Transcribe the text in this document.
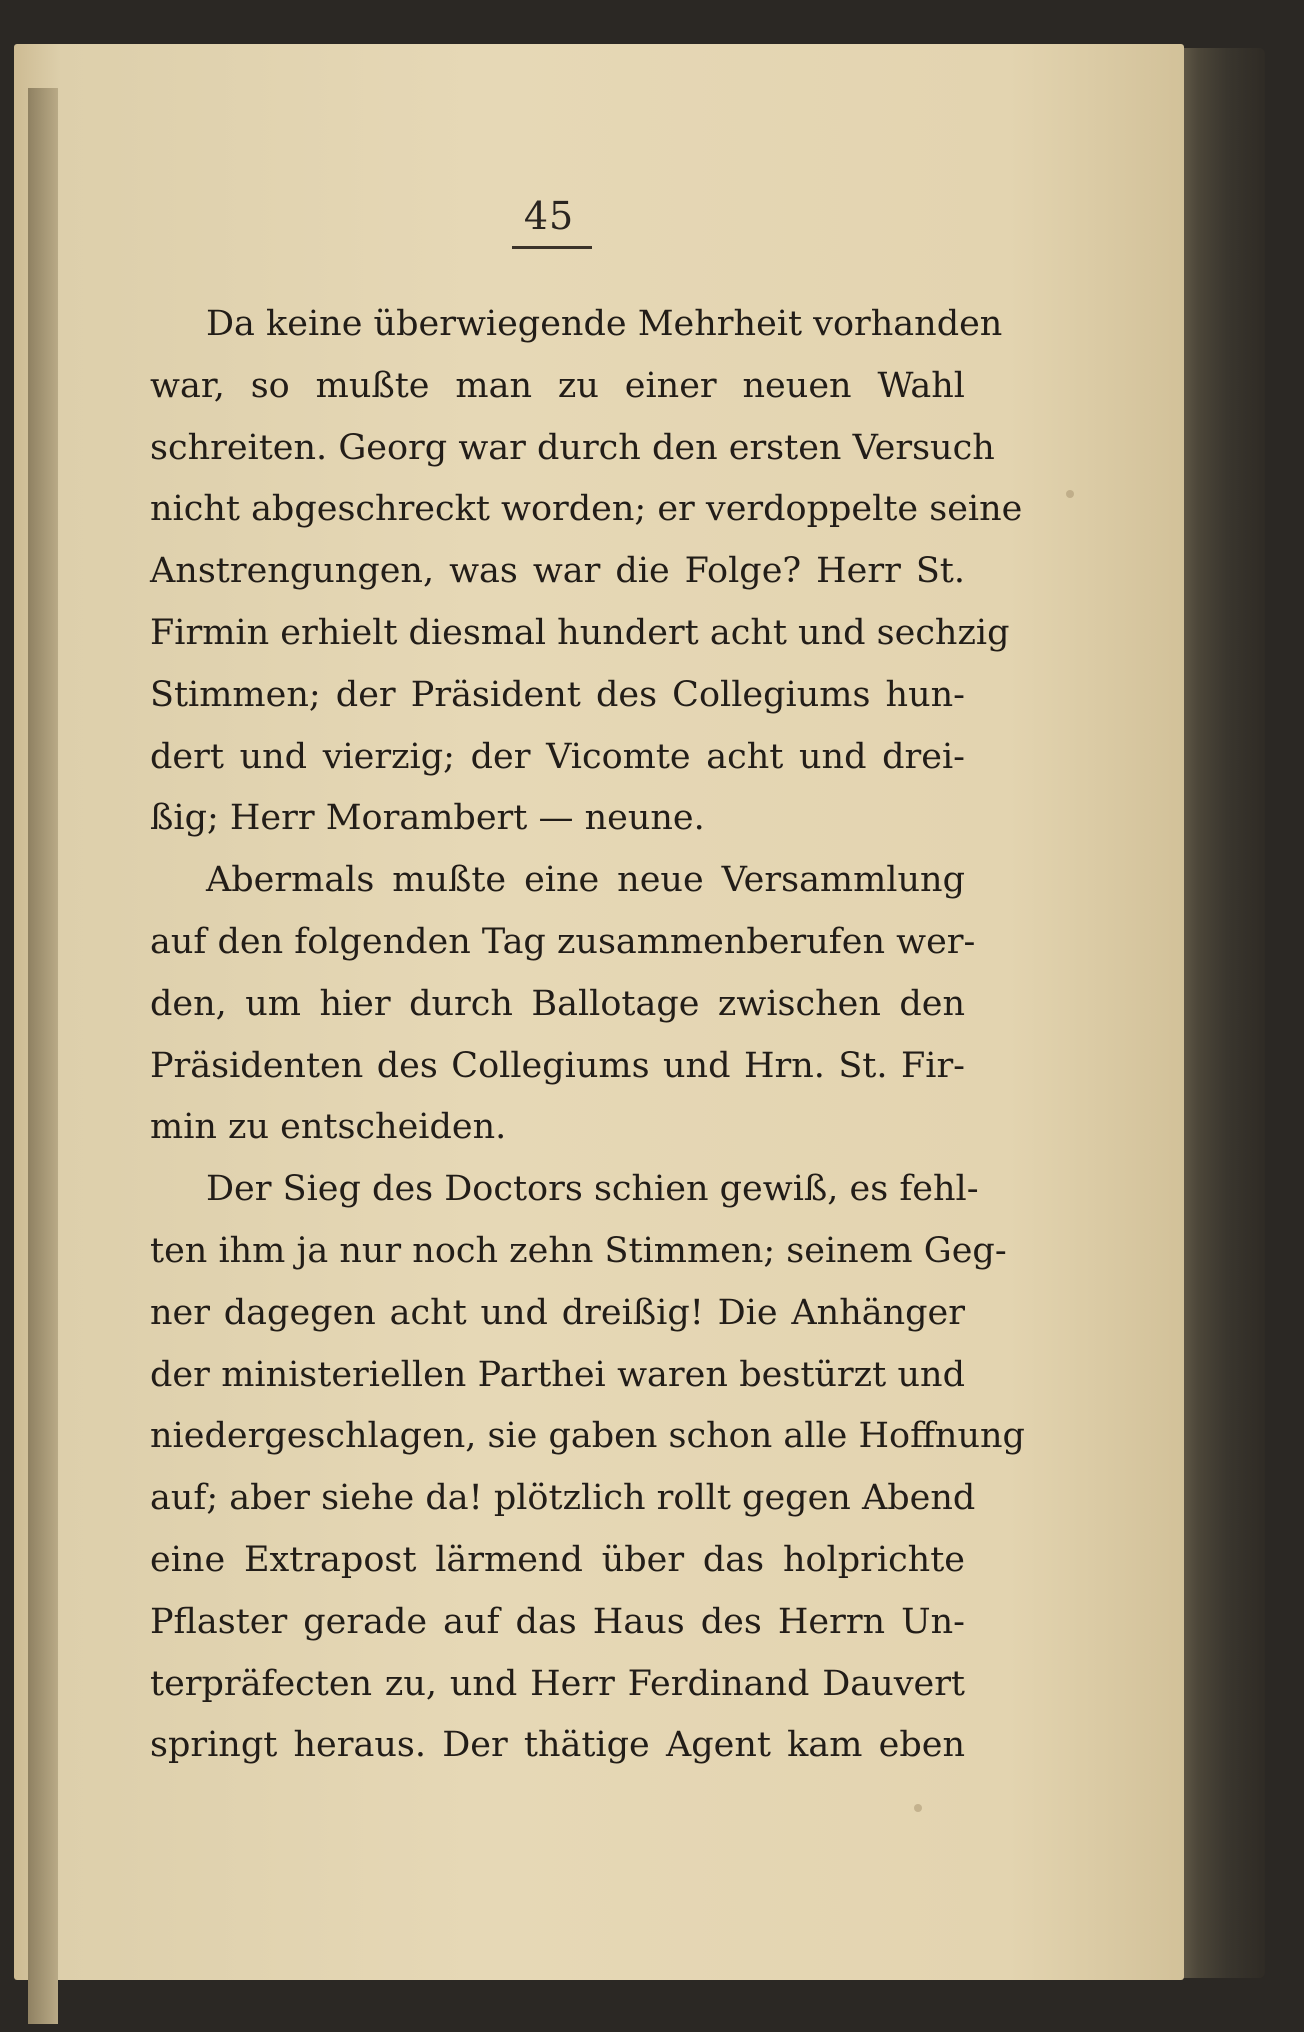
45
Da keine überwiegende Mehrheit vorhanden
war, so mußte man zu einer neuen Wahl
schreiten. Georg war durch den ersten Versuch
nicht abgeschreckt worden; er verdoppelte seine
Anstrengungen, was war die Folge? Herr St.
Firmin erhielt diesmal hundert acht und sechzig
Stimmen; der Präsident des Collegiums hun-
dert und vierzig; der Vicomte acht und drei-
ßig; Herr Morambert — neune.
Abermals mußte eine neue Versammlung
auf den folgenden Tag zusammenberufen wer-
den, um hier durch Ballotage zwischen den
Präsidenten des Collegiums und Hrn. St. Fir-
min zu entscheiden.
Der Sieg des Doctors schien gewiß, es fehl-
ten ihm ja nur noch zehn Stimmen; seinem Geg-
ner dagegen acht und dreißig! Die Anhänger
der ministeriellen Parthei waren bestürzt und
niedergeschlagen, sie gaben schon alle Hoffnung
auf; aber siehe da! plötzlich rollt gegen Abend
eine Extrapost lärmend über das holprichte
Pflaster gerade auf das Haus des Herrn Un-
terpräfecten zu, und Herr Ferdinand Dauvert
springt heraus. Der thätige Agent kam eben
